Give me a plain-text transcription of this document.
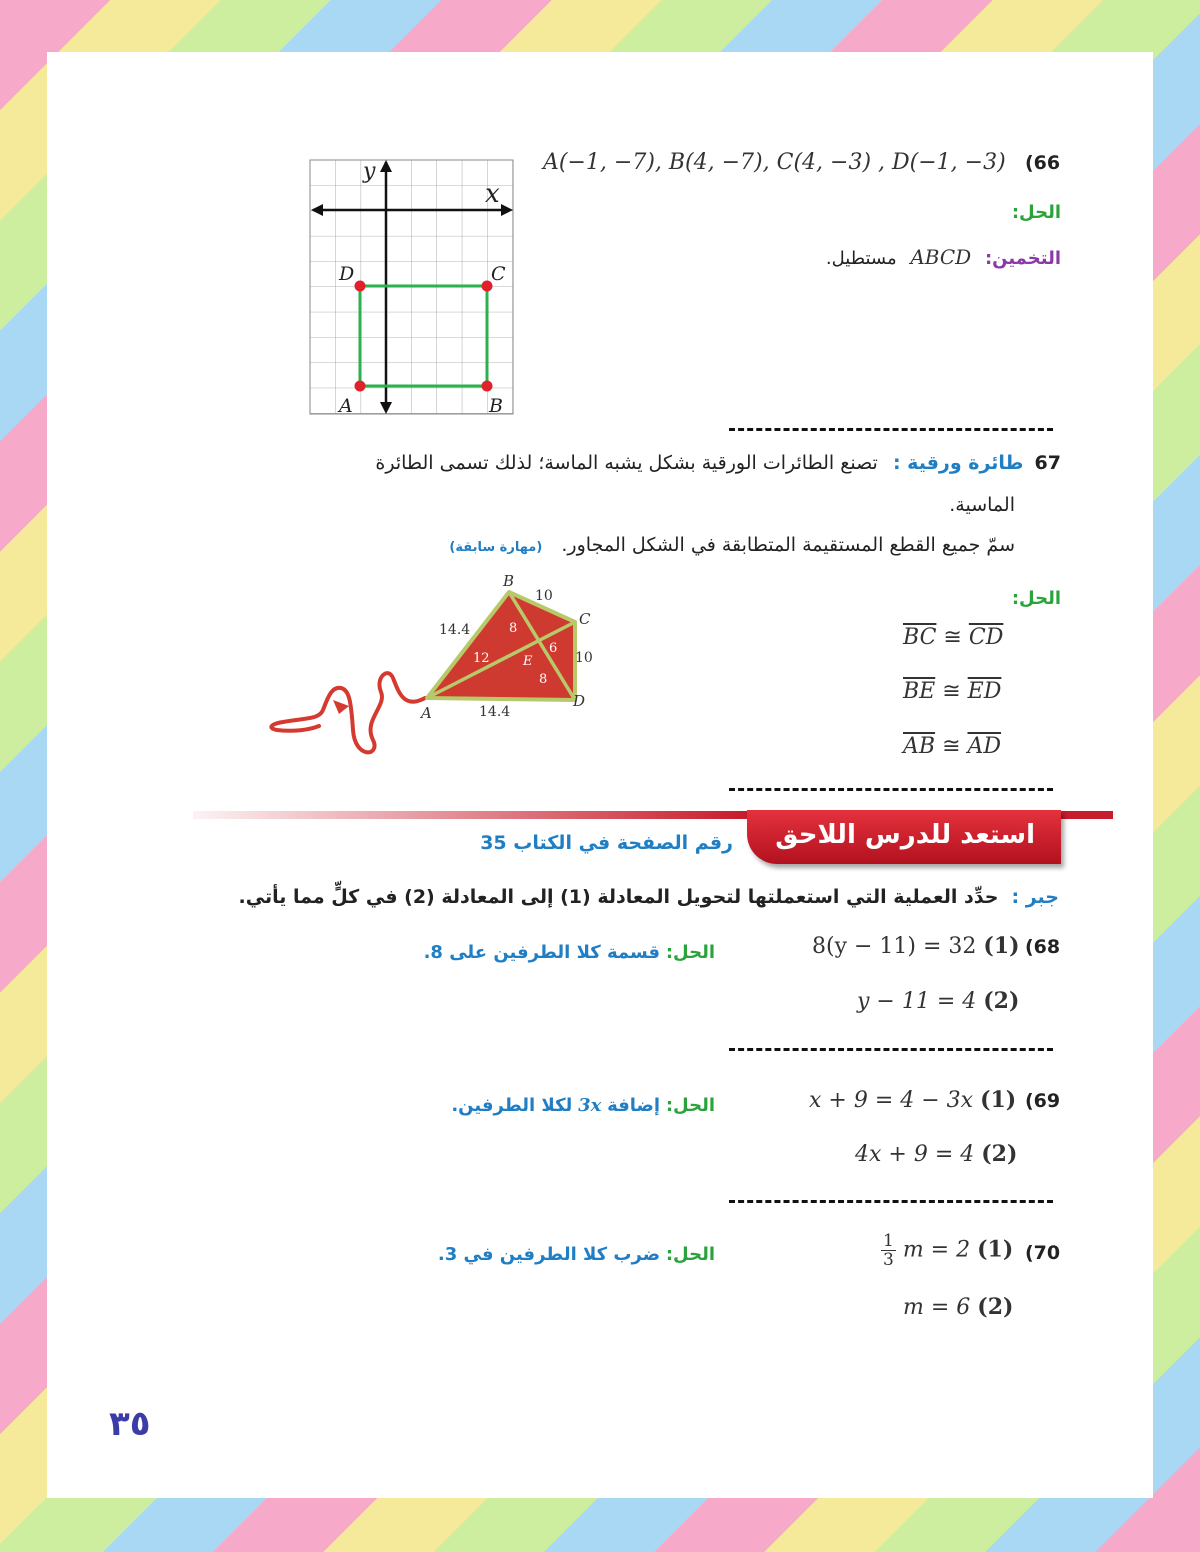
y
x
A	B
C
D
(66
A(−1, −7), B(4, −7), C(4, −3) , D(−1, −3)
الحل:
التخمين: ABCD مستطيل.
67 طائرة ورقية : تصنع الطائرات الورقية بشكل يشبه الماسة؛ لذلك تسمى الطائرة
الماسية.
سمّ جميع القطع المستقيمة المتطابقة في الشكل المجاور. (مهارة سابقة)
A
B
C
D
E
14.4
10
10
14.4
8
12
6
8
الحل:
$\overline{BC}$ ≅ $\overline{CD}$
$\overline{BE}$ ≅ $\overline{ED}$
$\overline{AB}$ ≅ $\overline{AD}$
استعد للدرس اللاحق
رقم الصفحة في الكتاب 35
جبر : حدِّد العملية التي استعملتها لتحويل المعادلة (1) إلى المعادلة (2) في كلٍّ مما يأتي.
(68
8(y − 11) = 32 (1)
y − 11 = 4 (2)
الحل: قسمة كلا الطرفين على 8.
(69
x + 9 = 4 − 3x (1)
4x + 9 = 4 (2)
الحل: إضافة 3x لكلا الطرفين.
(70
$\frac{1}{3}$ m = 2 (1)
m = 6 (2)
الحل: ضرب كلا الطرفين في 3.
٣٥
